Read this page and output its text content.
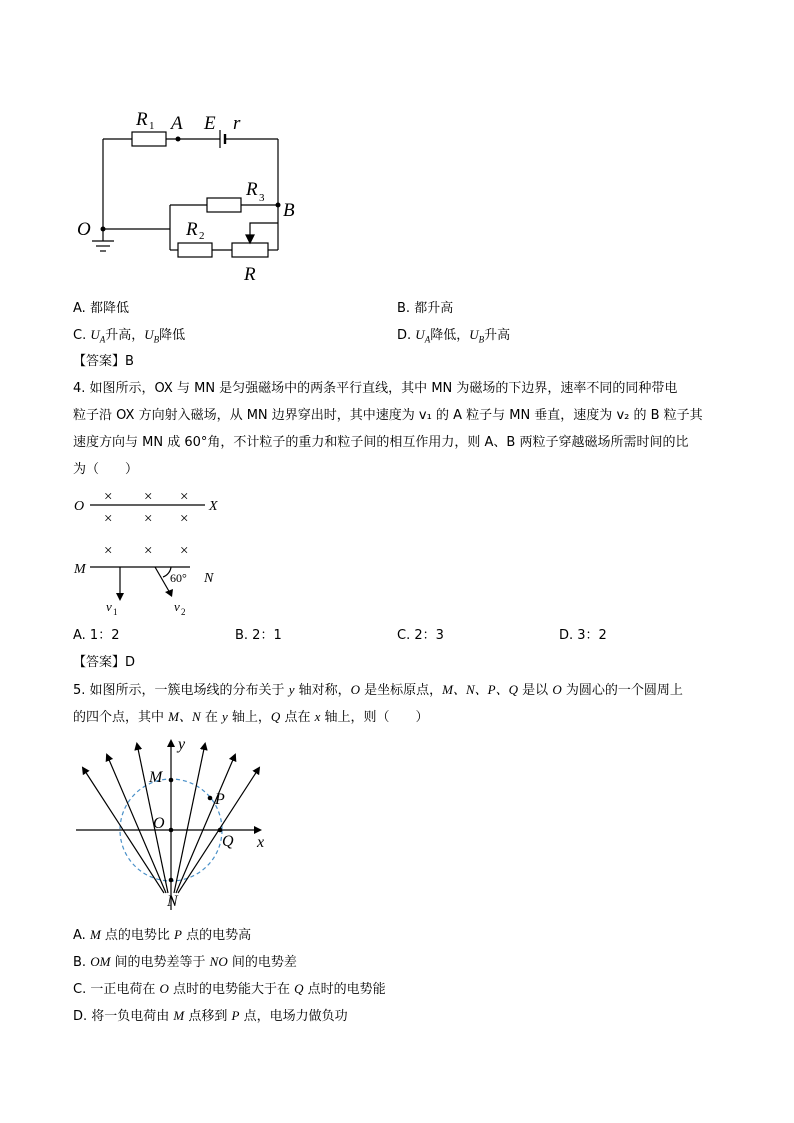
R 1 A E r
R 3
B
O	R 2
R
A. 都降低	B. 都升高
C. $U_A$升高，$U_B$降低	D. $U_A$降低，$U_B$升高
【答案】B
4. 如图所示，OX 与 MN 是匀强磁场中的两条平行直线，其中 MN 为磁场的下边界，速率不同的同种带电
粒子沿 OX 方向射入磁场，从 MN 边界穿出时，其中速度为 v₁ 的 A 粒子与 MN 垂直，速度为 v₂ 的 B 粒子其
速度方向与 MN 成 60°角，不计粒子的重力和粒子间的相互作用力，则 A、B 两粒子穿越磁场所需时间的比
为（　　）
× × ×
× × ×
× × ×
O	X
M
N
60°
v 1	v 2
A. 1：2	B. 2：1	C. 2：3	D. 3：2
【答案】D
5. 如图所示，一簇电场线的分布关于 y 轴对称，O 是坐标原点，M、N、P、Q 是以 O 为圆心的一个圆周上
的四个点，其中 M、N 在 y 轴上，Q 点在 x 轴上，则（　　）
y
x
M
P
O
Q
N
A. M 点的电势比 P 点的电势高
B. OM 间的电势差等于 NO 间的电势差
C. 一正电荷在 O 点时的电势能大于在 Q 点时的电势能
D. 将一负电荷由 M 点移到 P 点，电场力做负功
